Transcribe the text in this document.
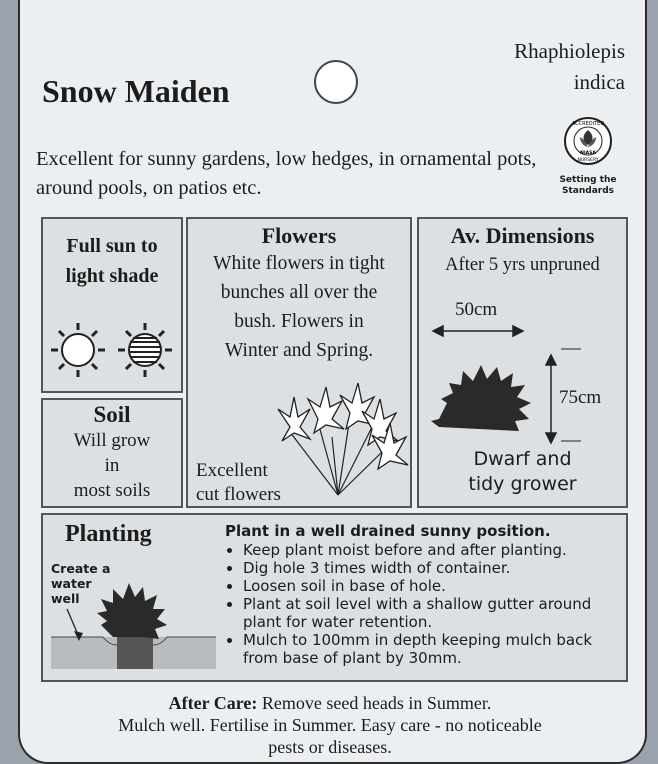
Snow Maiden
Rhaphiolepis
indica
Excellent for sunny gardens, low hedges, in ornamental pots, around pools, on patios etc.
ACCREDITED
NIASA
NURSERY
Setting the
Standards
Full sun to
light shade
Soil
Will grow
in
most soils
Flowers
White flowers in tight
bunches all over the
bush. Flowers in
Winter and Spring.
Excellent
cut flowers
Av. Dimensions
After 5 yrs unpruned
50cm
75cm
Dwarf and
tidy grower
Planting
Create a
water
well
Plant in a well drained sunny position.
• Keep plant moist before and after planting.
• Dig hole 3 times width of container.
• Loosen soil in base of hole.
• Plant at soil level with a shallow gutter around plant for water retention.
• Mulch to 100mm in depth keeping mulch back from base of plant by 30mm.
After Care: Remove seed heads in Summer.
Mulch well. Fertilise in Summer. Easy care - no noticeable
pests or diseases.
